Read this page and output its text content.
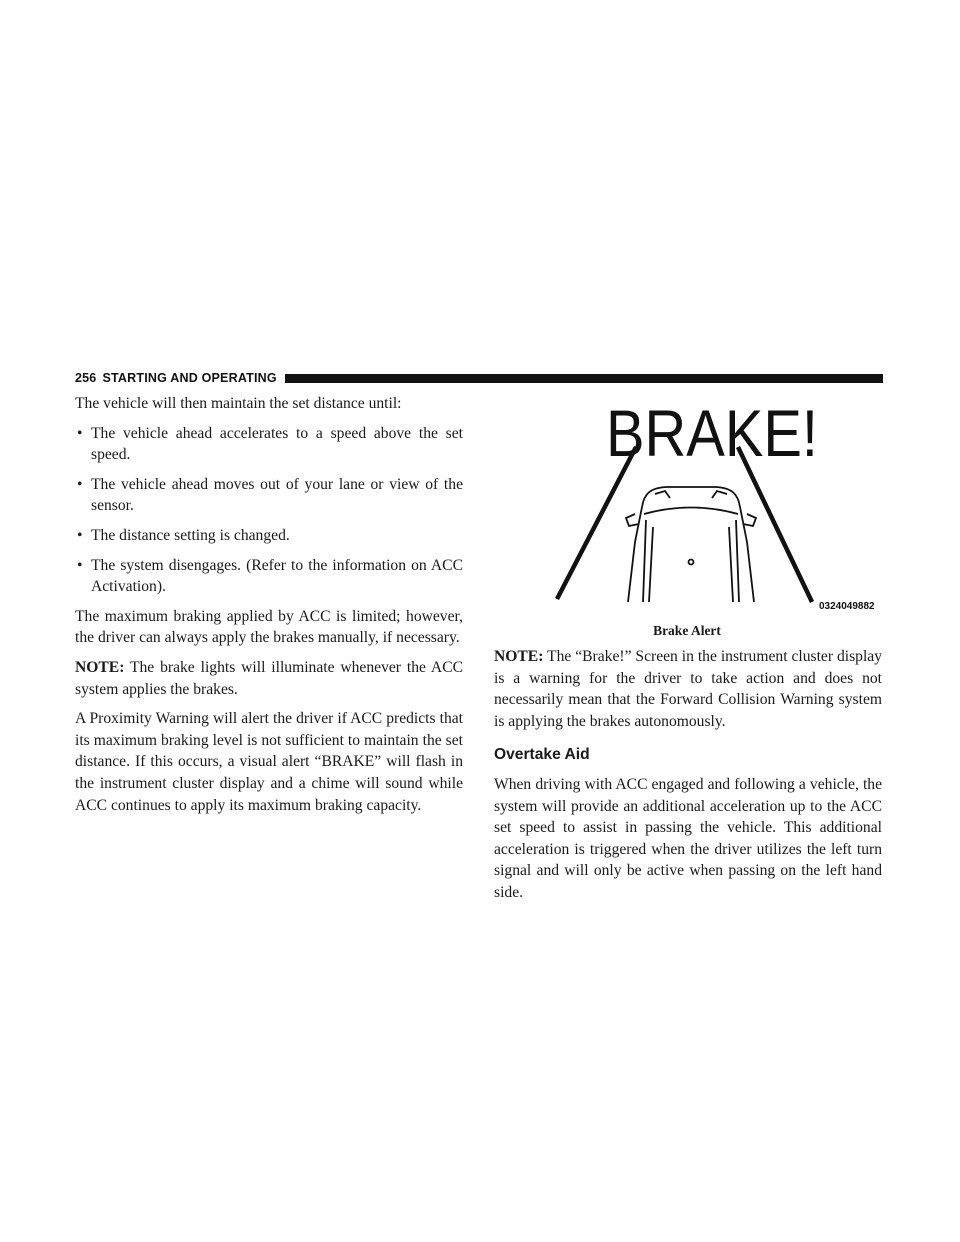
256 STARTING AND OPERATING

The vehicle will then maintain the set distance until:

• The vehicle ahead accelerates to a speed above the set speed.
• The vehicle ahead moves out of your lane or view of the sensor.
• The distance setting is changed.
• The system disengages. (Refer to the information on ACC Activation).

The maximum braking applied by ACC is limited; however, the driver can always apply the brakes manually, if necessary.

NOTE: The brake lights will illuminate whenever the ACC system applies the brakes.

A Proximity Warning will alert the driver if ACC predicts that its maximum braking level is not sufficient to maintain the set distance. If this occurs, a visual alert “BRAKE” will flash in the instrument cluster display and a chime will sound while ACC continues to apply its maximum braking capacity.

BRAKE!
0324049882
Brake Alert

NOTE: The “Brake!” Screen in the instrument cluster display is a warning for the driver to take action and does not necessarily mean that the Forward Collision Warning system is applying the brakes autonomously.

Overtake Aid

When driving with ACC engaged and following a vehicle, the system will provide an additional acceleration up to the ACC set speed to assist in passing the vehicle. This additional acceleration is triggered when the driver utilizes the left turn signal and will only be active when passing on the left hand side.
